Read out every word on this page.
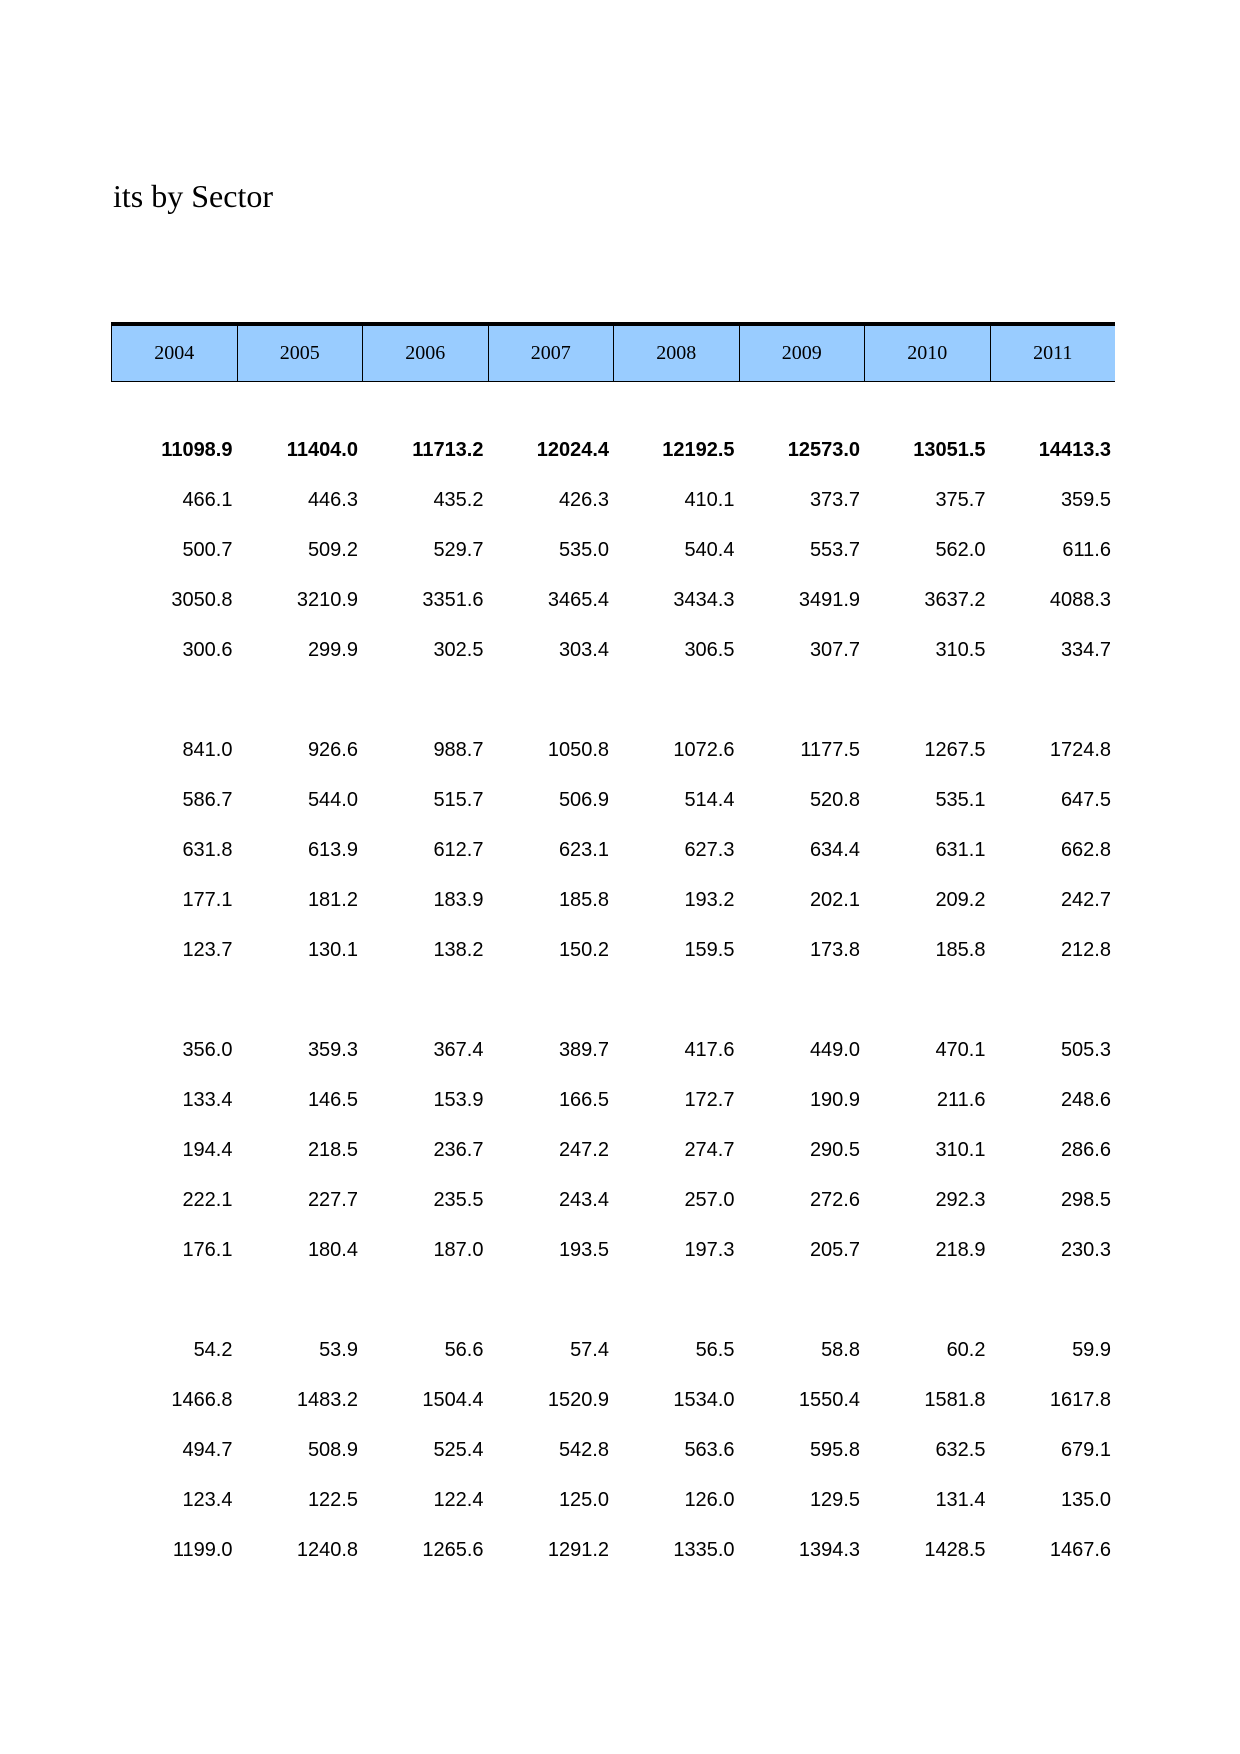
its by Sector
2004	2005	2006	2007	2008	2009	2010	2011
11098.9	11404.0	11713.2	12024.4	12192.5	12573.0	13051.5	14413.3
466.1	446.3	435.2	426.3	410.1	373.7	375.7	359.5
500.7	509.2	529.7	535.0	540.4	553.7	562.0	611.6
3050.8	3210.9	3351.6	3465.4	3434.3	3491.9	3637.2	4088.3
300.6	299.9	302.5	303.4	306.5	307.7	310.5	334.7
841.0	926.6	988.7	1050.8	1072.6	1177.5	1267.5	1724.8
586.7	544.0	515.7	506.9	514.4	520.8	535.1	647.5
631.8	613.9	612.7	623.1	627.3	634.4	631.1	662.8
177.1	181.2	183.9	185.8	193.2	202.1	209.2	242.7
123.7	130.1	138.2	150.2	159.5	173.8	185.8	212.8
356.0	359.3	367.4	389.7	417.6	449.0	470.1	505.3
133.4	146.5	153.9	166.5	172.7	190.9	211.6	248.6
194.4	218.5	236.7	247.2	274.7	290.5	310.1	286.6
222.1	227.7	235.5	243.4	257.0	272.6	292.3	298.5
176.1	180.4	187.0	193.5	197.3	205.7	218.9	230.3
54.2	53.9	56.6	57.4	56.5	58.8	60.2	59.9
1466.8	1483.2	1504.4	1520.9	1534.0	1550.4	1581.8	1617.8
494.7	508.9	525.4	542.8	563.6	595.8	632.5	679.1
123.4	122.5	122.4	125.0	126.0	129.5	131.4	135.0
1199.0	1240.8	1265.6	1291.2	1335.0	1394.3	1428.5	1467.6
